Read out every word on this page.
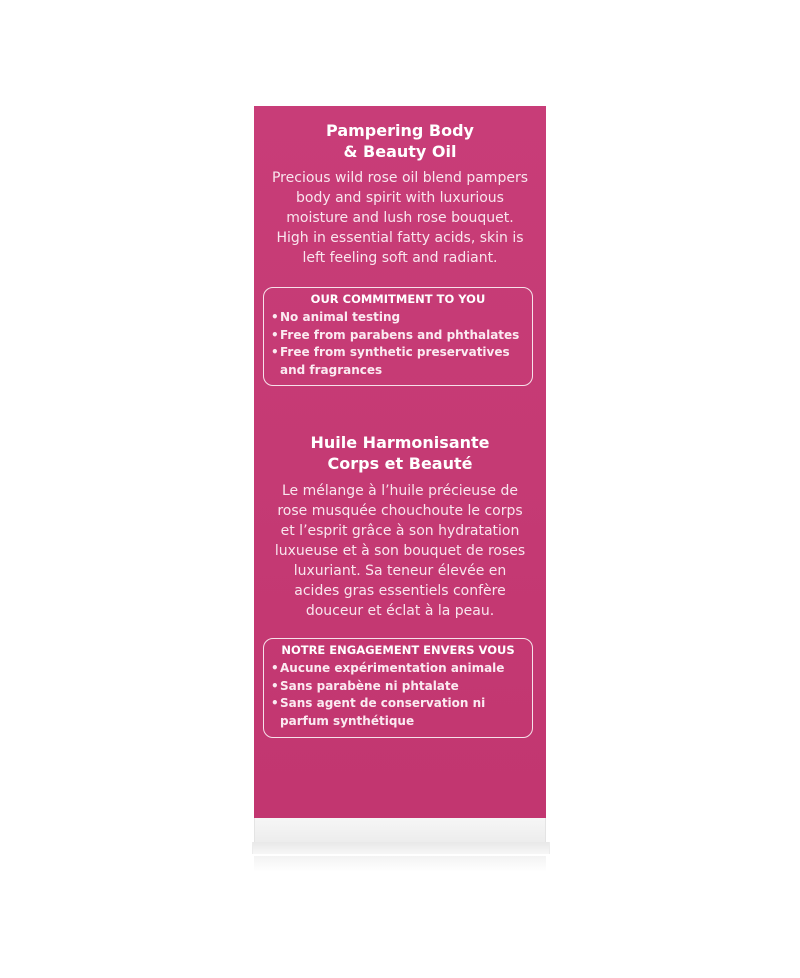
Pampering Body
& Beauty Oil
Precious wild rose oil blend pampers
body and spirit with luxurious
moisture and lush rose bouquet.
High in essential fatty acids, skin is
left feeling soft and radiant.
OUR COMMITMENT TO YOU
•No animal testing
•Free from parabens and phthalates
•Free from synthetic preservatives
and fragrances
Huile Harmonisante
Corps et Beauté
Le mélange à l’huile précieuse de
rose musquée chouchoute le corps
et l’esprit grâce à son hydratation
luxueuse et à son bouquet de roses
luxuriant. Sa teneur élevée en
acides gras essentiels confère
douceur et éclat à la peau.
NOTRE ENGAGEMENT ENVERS VOUS
•Aucune expérimentation animale
•Sans parabène ni phtalate
•Sans agent de conservation ni
parfum synthétique
